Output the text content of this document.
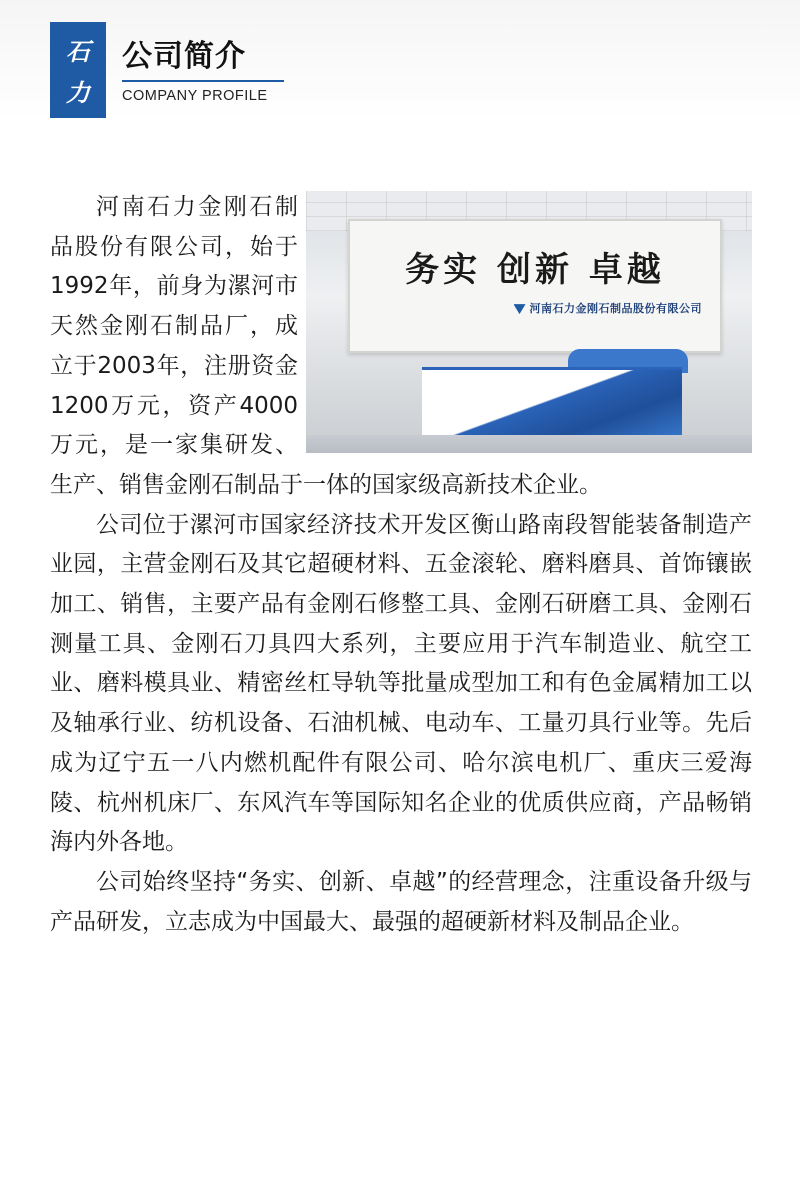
石
力
公司简介
COMPANY PROFILE
务实 创新 卓越
河南石力金刚石制品股份有限公司

河南石力金刚石制品股份有限公司，始于1992年，前身为漯河市天然金刚石制品厂，成立于2003年，注册资金1200万元，资产4000万元，是一家集研发、生产、销售金刚石制品于一体的国家级高新技术企业。

公司位于漯河市国家经济技术开发区衡山路南段智能装备制造产业园，主营金刚石及其它超硬材料、五金滚轮、磨料磨具、首饰镶嵌加工、销售，主要产品有金刚石修整工具、金刚石研磨工具、金刚石测量工具、金刚石刀具四大系列，主要应用于汽车制造业、航空工业、磨料模具业、精密丝杠导轨等批量成型加工和有色金属精加工以及轴承行业、纺机设备、石油机械、电动车、工量刃具行业等。先后成为辽宁五一八内燃机配件有限公司、哈尔滨电机厂、重庆三爱海陵、杭州机床厂、东风汽车等国际知名企业的优质供应商，产品畅销海内外各地。

公司始终坚持“务实、创新、卓越”的经营理念，注重设备升级与产品研发，立志成为中国最大、最强的超硬新材料及制品企业。
